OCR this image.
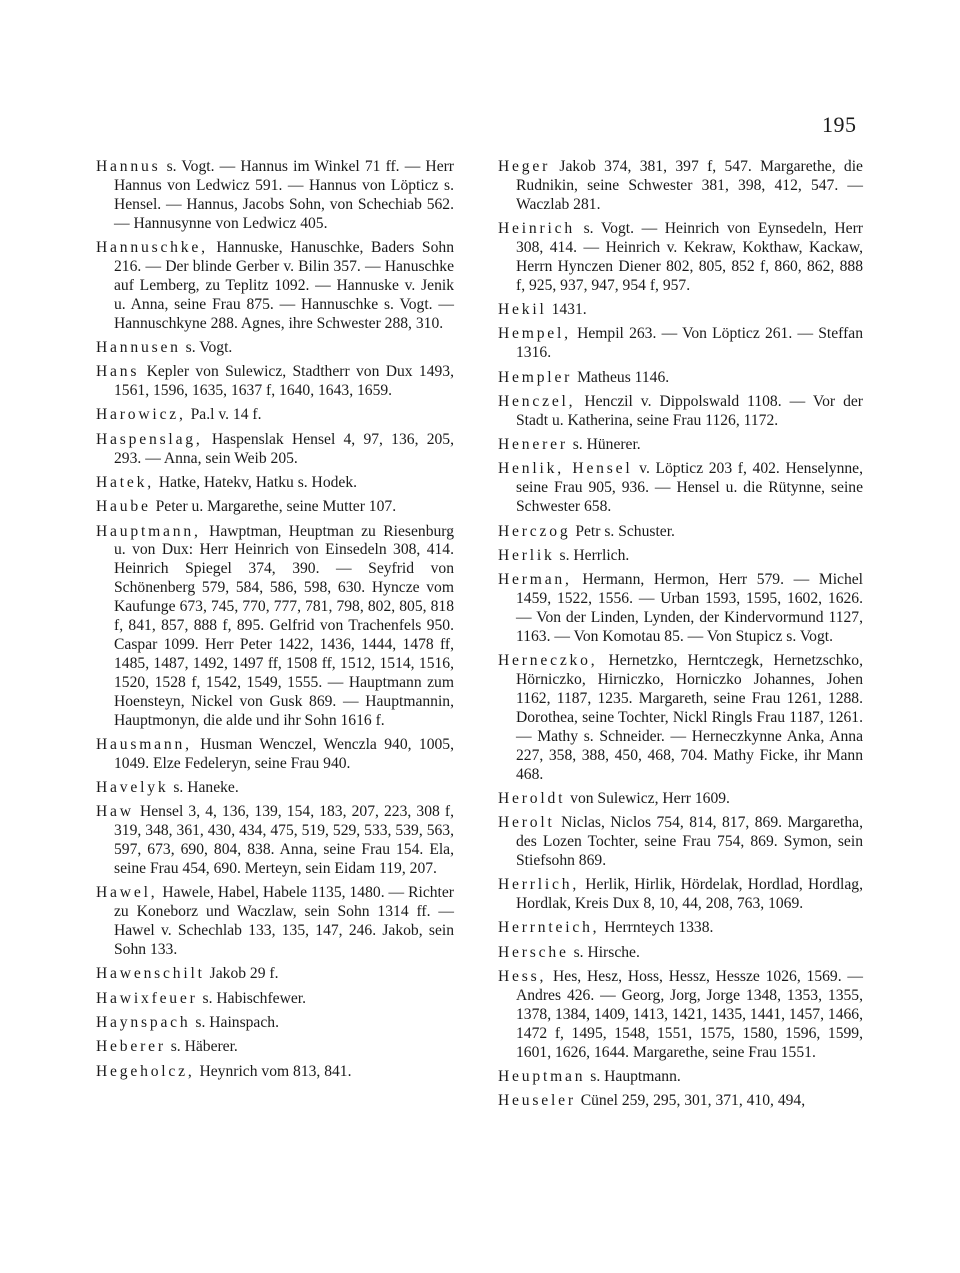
195

Hannus s. Vogt. — Hannus im Winkel 71 ff. — Herr Hannus von Ledwicz 591. — Hannus von Löpticz s. Hensel. — Hannus, Jacobs Sohn, von Schechiab 562. — Hannusynne von Ledwicz 405.

Hannuschke, Hannuske, Hanuschke, Baders Sohn 216. — Der blinde Gerber v. Bilin 357. — Hanuschke auf Lemberg, zu Teplitz 1092. — Hannuske v. Jenik u. Anna, seine Frau 875. — Hannuschke s. Vogt. — Hannuschkyne 288. Agnes, ihre Schwester 288, 310.

Hannusen s. Vogt.

Hans Kepler von Sulewicz, Stadtherr von Dux 1493, 1561, 1596, 1635, 1637 f, 1640, 1643, 1659.

Harowicz, Pa.l v. 14 f.

Haspenslag, Haspenslak Hensel 4, 97, 136, 205, 293. — Anna, sein Weib 205.

Hatek, Hatke, Hatekv, Hatku s. Hodek.

Haube Peter u. Margarethe, seine Mutter 107.

Hauptmann, Hawptman, Heuptman zu Riesenburg u. von Dux: Herr Heinrich von Einsedeln 308, 414. Heinrich Spiegel 374, 390. — Seyfrid von Schönenberg 579, 584, 586, 598, 630. Hyncze vom Kaufunge 673, 745, 770, 777, 781, 798, 802, 805, 818 f, 841, 857, 888 f, 895. Gelfrid von Trachenfels 950. Caspar 1099. Herr Peter 1422, 1436, 1444, 1478 ff, 1485, 1487, 1492, 1497 ff, 1508 ff, 1512, 1514, 1516, 1520, 1528 f, 1542, 1549, 1555. — Hauptmann zum Hoensteyn, Nickel von Gusk 869. — Hauptmannin, Hauptmonyn, die alde und ihr Sohn 1616 f.

Hausmann, Husman Wenczel, Wenczla 940, 1005, 1049. Elze Fedeleryn, seine Frau 940.

Havelyk s. Haneke.

Haw Hensel 3, 4, 136, 139, 154, 183, 207, 223, 308 f, 319, 348, 361, 430, 434, 475, 519, 529, 533, 539, 563, 597, 673, 690, 804, 838. Anna, seine Frau 154. Ela, seine Frau 454, 690. Merteyn, sein Eidam 119, 207.

Hawel, Hawele, Habel, Habele 1135, 1480. — Richter zu Koneborz und Waczlaw, sein Sohn 1314 ff. — Hawel v. Schechlab 133, 135, 147, 246. Jakob, sein Sohn 133.

Hawenschilt Jakob 29 f.

Hawixfeuer s. Habischfewer.

Haynspach s. Hainspach.

Heberer s. Häberer.

Hegeholcz, Heynrich vom 813, 841.

Heger Jakob 374, 381, 397 f, 547. Margarethe, die Rudnikin, seine Schwester 381, 398, 412, 547. — Waczlab 281.

Heinrich s. Vogt. — Heinrich von Eynsedeln, Herr 308, 414. — Heinrich v. Kekraw, Kokthaw, Kackaw, Herrn Hynczen Diener 802, 805, 852 f, 860, 862, 888 f, 925, 937, 947, 954 f, 957.

Hekil 1431.

Hempel, Hempil 263. — Von Löpticz 261. — Steffan 1316.

Hempler Matheus 1146.

Henczel, Henczil v. Dippolswald 1108. — Vor der Stadt u. Katherina, seine Frau 1126, 1172.

Henerer s. Hünerer.

Henlik, Hensel v. Löpticz 203 f, 402. Henselynne, seine Frau 905, 936. — Hensel u. die Rütynne, seine Schwester 658.

Herczog Petr s. Schuster.

Herlik s. Herrlich.

Herman, Hermann, Hermon, Herr 579. — Michel 1459, 1522, 1556. — Urban 1593, 1595, 1602, 1626. — Von der Linden, Lynden, der Kindervormund 1127, 1163. — Von Komotau 85. — Von Stupicz s. Vogt.

Herneczko, Hernetzko, Herntczegk, Hernetzschko, Hörniczko, Hirniczko, Horniczko Johannes, Johen 1162, 1187, 1235. Margareth, seine Frau 1261, 1288. Dorothea, seine Tochter, Nickl Ringls Frau 1187, 1261. — Mathy s. Schneider. — Herneczkynne Anka, Anna 227, 358, 388, 450, 468, 704. Mathy Ficke, ihr Mann 468.

Heroldt von Sulewicz, Herr 1609.

Herolt Niclas, Niclos 754, 814, 817, 869. Margaretha, des Lozen Tochter, seine Frau 754, 869. Symon, sein Stiefsohn 869.

Herrlich, Herlik, Hirlik, Hördelak, Hordlad, Hordlag, Hordlak, Kreis Dux 8, 10, 44, 208, 763, 1069.

Herrnteich, Herrnteych 1338.

Hersche s. Hirsche.

Hess, Hes, Hesz, Hoss, Hessz, Hessze 1026, 1569. — Andres 426. — Georg, Jorg, Jorge 1348, 1353, 1355, 1378, 1384, 1409, 1413, 1421, 1435, 1441, 1457, 1466, 1472 f, 1495, 1548, 1551, 1575, 1580, 1596, 1599, 1601, 1626, 1644. Margarethe, seine Frau 1551.

Heuptman s. Hauptmann.

Heuseler Cünel 259, 295, 301, 371, 410, 494,
